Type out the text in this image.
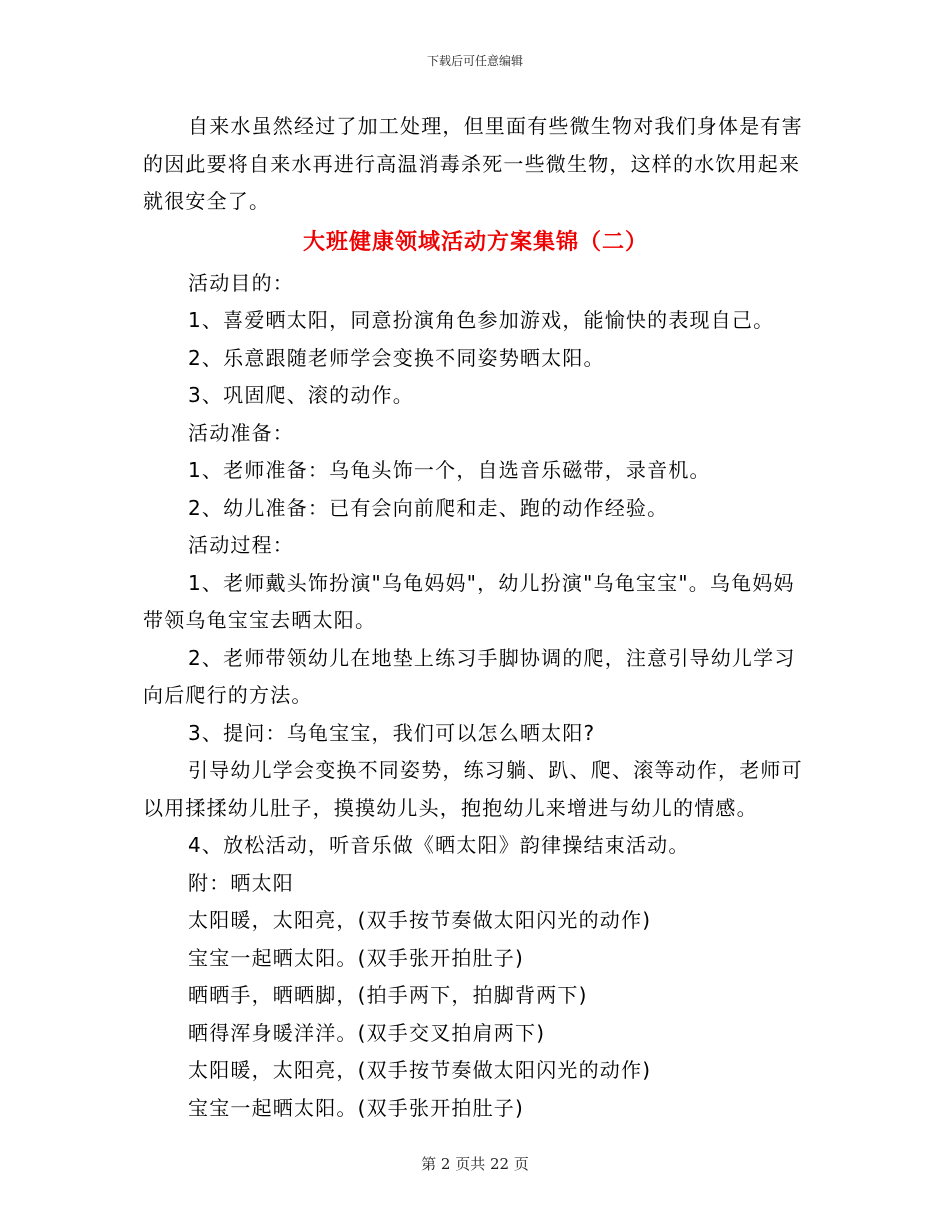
下载后可任意编辑

自来水虽然经过了加工处理，但里面有些微生物对我们身体是有害的因此要将自来水再进行高温消毒杀死一些微生物，这样的水饮用起来就很安全了。

大班健康领域活动方案集锦（二）

活动目的：

1、喜爱晒太阳，同意扮演角色参加游戏，能愉快的表现自己。

2、乐意跟随老师学会变换不同姿势晒太阳。

3、巩固爬、滚的动作。

活动准备：

1、老师准备：乌龟头饰一个，自选音乐磁带，录音机。

2、幼儿准备：已有会向前爬和走、跑的动作经验。

活动过程：

1、老师戴头饰扮演"乌龟妈妈"，幼儿扮演"乌龟宝宝"。乌龟妈妈带领乌龟宝宝去晒太阳。

2、老师带领幼儿在地垫上练习手脚协调的爬，注意引导幼儿学习向后爬行的方法。

3、提问：乌龟宝宝，我们可以怎么晒太阳?

引导幼儿学会变换不同姿势，练习躺、趴、爬、滚等动作，老师可以用揉揉幼儿肚子，摸摸幼儿头，抱抱幼儿来增进与幼儿的情感。

4、放松活动，听音乐做《晒太阳》韵律操结束活动。

附：晒太阳

太阳暖，太阳亮，(双手按节奏做太阳闪光的动作)

宝宝一起晒太阳。(双手张开拍肚子)

晒晒手，晒晒脚，(拍手两下，拍脚背两下)

晒得浑身暖洋洋。(双手交叉拍肩两下)

太阳暖，太阳亮，(双手按节奏做太阳闪光的动作)

宝宝一起晒太阳。(双手张开拍肚子)

第 2 页共 22 页
